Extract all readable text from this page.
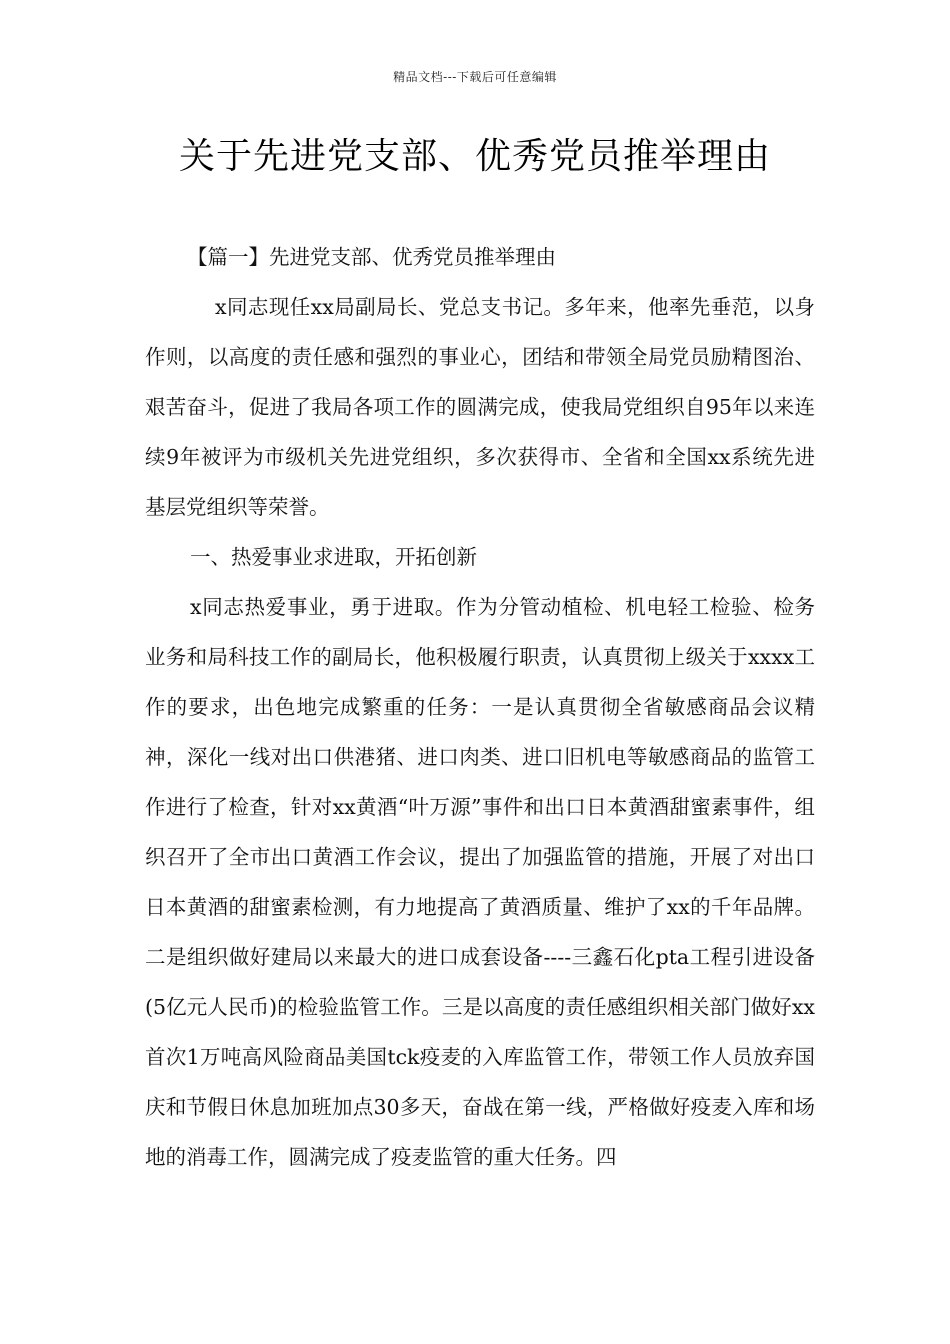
精品文档---下载后可任意编辑
关于先进党支部、优秀党员推举理由

【篇一】先进党支部、优秀党员推举理由

x同志现任xx局副局长、党总支书记。多年来，他率先垂范，以身作则，以高度的责任感和强烈的事业心，团结和带领全局党员励精图治、艰苦奋斗，促进了我局各项工作的圆满完成，使我局党组织自95年以来连续9年被评为市级机关先进党组织，多次获得市、全省和全国xx系统先进基层党组织等荣誉。

一、热爱事业求进取，开拓创新

x同志热爱事业，勇于进取。作为分管动植检、机电轻工检验、检务业务和局科技工作的副局长，他积极履行职责，认真贯彻上级关于xxxx工作的要求，出色地完成繁重的任务：一是认真贯彻全省敏感商品会议精神，深化一线对出口供港猪、进口肉类、进口旧机电等敏感商品的监管工作进行了检查，针对xx黄酒“叶万源”事件和出口日本黄酒甜蜜素事件，组织召开了全市出口黄酒工作会议，提出了加强监管的措施，开展了对出口日本黄酒的甜蜜素检测，有力地提高了黄酒质量、维护了xx的千年品牌。二是组织做好建局以来最大的进口成套设备----三鑫石化pta工程引进设备(5亿元人民币)的检验监管工作。三是以高度的责任感组织相关部门做好xx首次1万吨高风险商品美国tck疫麦的入库监管工作，带领工作人员放弃国庆和节假日休息加班加点30多天，奋战在第一线，严格做好疫麦入库和场地的消毒工作，圆满完成了疫麦监管的重大任务。四
